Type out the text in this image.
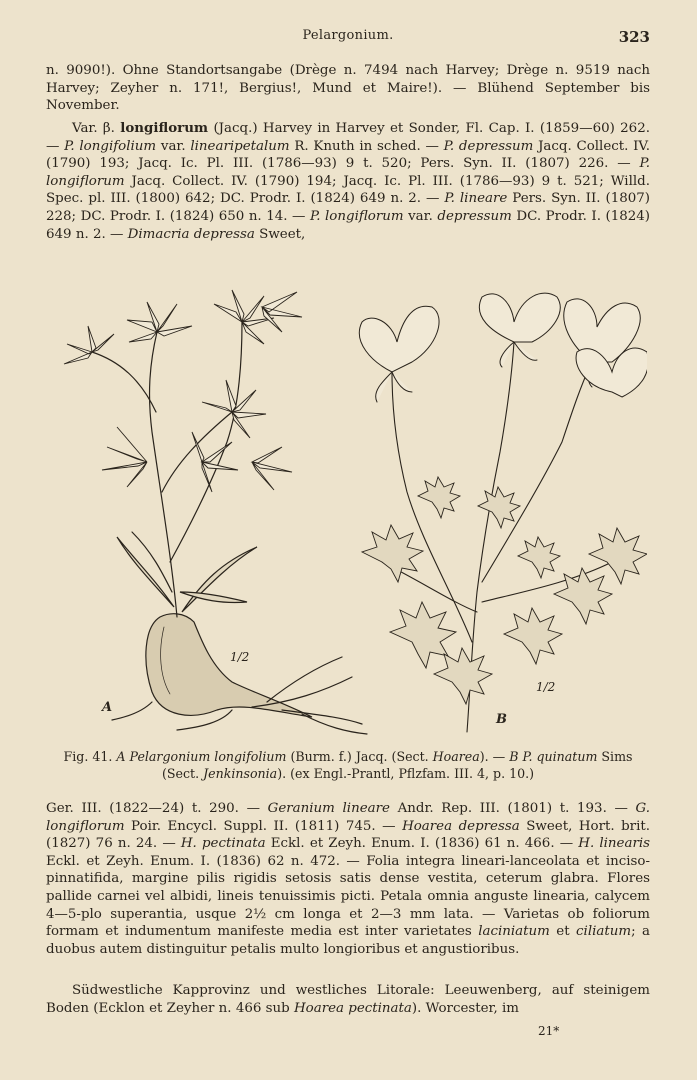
Pelargonium.	323

n. 9090!). Ohne Standortsangabe (Drège n. 7494 nach Harvey; Drège n. 9519 nach Harvey; Zeyher n. 171!, Bergius!, Mund et Maire!). — Blühend September bis November.

Var. β. longiflorum (Jacq.) Harvey in Harvey et Sonder, Fl. Cap. I. (1859—60) 262. — P. longifolium var. linearipetalum R. Knuth in sched. — P. depressum Jacq. Collect. IV. (1790) 193; Jacq. Ic. Pl. III. (1786—93) 9 t. 520; Pers. Syn. II. (1807) 226. — P. longiflorum Jacq. Collect. IV. (1790) 194; Jacq. Ic. Pl. III. (1786—93) 9 t. 521; Willd. Spec. pl. III. (1800) 642; DC. Prodr. I. (1824) 649 n. 2. — P. lineare Pers. Syn. II. (1807) 228; DC. Prodr. I. (1824) 650 n. 14. — P. longiflorum var. depressum DC. Prodr. I. (1824) 649 n. 2. — Dimacria depressa Sweet,

A
B
1/2
1/2
Fig. 41. A Pelargonium longifolium (Burm. f.) Jacq. (Sect. Hoarea). — B P. quinatum Sims (Sect. Jenkinsonia). (ex Engl.-Prantl, Pflzfam. III. 4, p. 10.)

Ger. III. (1822—24) t. 290. — Geranium lineare Andr. Rep. III. (1801) t. 193. — G. longiflorum Poir. Encycl. Suppl. II. (1811) 745. — Hoarea depressa Sweet, Hort. brit. (1827) 76 n. 24. — H. pectinata Eckl. et Zeyh. Enum. I. (1836) 61 n. 466. — H. linearis Eckl. et Zeyh. Enum. I. (1836) 62 n. 472. — Folia integra lineari-lanceolata et inciso-pinnatifida, margine pilis rigidis setosis satis dense vestita, ceterum glabra. Flores pallide carnei vel albidi, lineis tenuissimis picti. Petala omnia anguste linearia, calycem 4—5-plo superantia, usque 2½ cm longa et 2—3 mm lata. — Varietas ob foliorum formam et indumentum manifeste media est inter varietates laciniatum et ciliatum; a duobus autem distinguitur petalis multo longioribus et angustioribus.

Südwestliche Kapprovinz und westliches Litorale: Leeuwenberg, auf steinigem Boden (Ecklon et Zeyher n. 466 sub Hoarea pectinata). Worcester, im

21*
